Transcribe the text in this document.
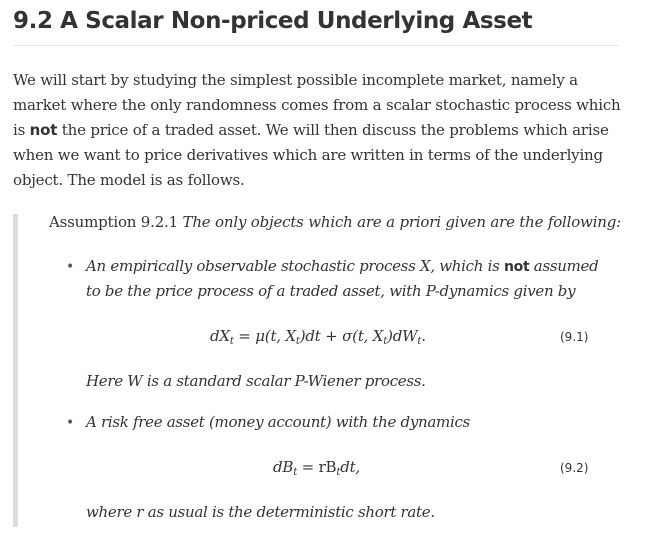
9.2 A Scalar Non-priced Underlying Asset

We will start by studying the simplest possible incomplete market, namely a
market where the only randomness comes from a scalar stochastic process which
is not the price of a traded asset. We will then discuss the problems which arise
when we want to price derivatives which are written in terms of the underlying
object. The model is as follows.

Assumption 9.2.1 The only objects which are a priori given are the following:
• An empirically observable stochastic process X, which is not assumed
to be the price process of a traded asset, with P-dynamics given by
$dX_t = \mu(t$, $X_t)dt + \sigma(t$, $X_t)dW_t$.	(9.1)
Here W is a standard scalar P-Wiener process.
• A risk free asset (money account) with the dynamics
$dB_t = rB_tdt$,	(9.2)
where r as usual is the deterministic short rate.
